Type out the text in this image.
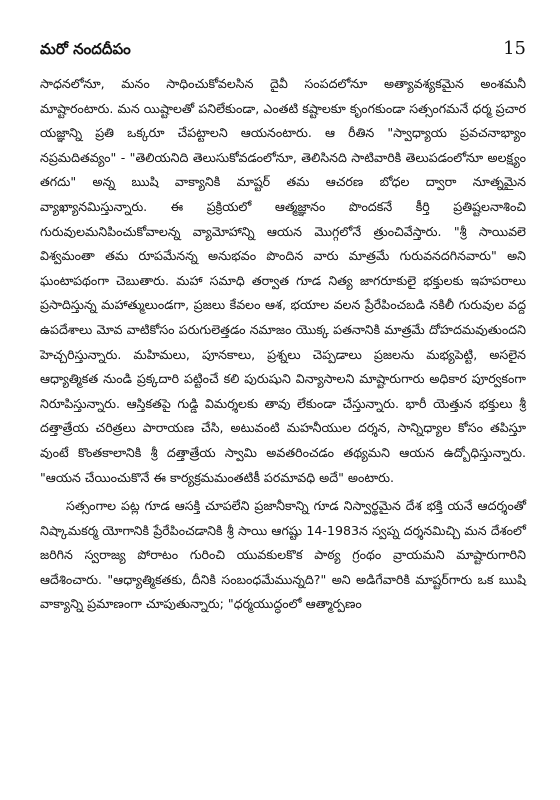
మరో నందదీపం	15

సాధనలోనూ, మనం సాధించుకోవలసిన దైవీ సంపదలోనూ అత్యావశ్యకమైన అంశమనీ మాష్టారంటారు. మన యిష్టాలతో పనిలేకుండా, ఎంతటి కష్టాలకూ కృంగకుండా సత్సంగమనే ధర్మ ప్రచార యజ్ఞాన్ని ప్రతి ఒక్కరూ చేపట్టాలని ఆయనంటారు. ఆ రీతిన "స్వాధ్యాయ ప్రవచనాభ్యాం నప్రమదితవ్యం" - "తెలియనిది తెలుసుకోవడంలోనూ, తెలిసినది సాటివారికి తెలుపడంలోనూ అలక్ష్యం తగదు" అన్న ఋషి వాక్యానికి మాష్టర్ తమ ఆచరణ బోధల ద్వారా నూత్నమైన వ్యాఖ్యానమిస్తున్నారు. ఈ ప్రక్రియలో ఆత్మజ్ఞానం పొందకనే కీర్తి ప్రతిష్టలనాశించి గురువులమనిపించుకోవాలన్న వ్యామోహాన్ని ఆయన మొగ్గలోనే త్రుంచివేస్తారు. "శ్రీ సాయివలె విశ్వమంతా తమ రూపమేనన్న అనుభవం పొందిన వారు మాత్రమే గురువనదగినవారు" అని ఘంటాపథంగా చెబుతారు. మహా సమాధి తర్వాత గూడ నిత్య జాగరూకులై భక్తులకు ఇహపరాలు ప్రసాదిస్తున్న మహాత్ములుండగా, ప్రజలు కేవలం ఆశ, భయాల వలన ప్రేరేపించబడి నకిలీ గురువుల వద్ద ఉపదేశాలు మోవ వాటికోసం పరుగులెత్తడం నమాజం యొక్క పతనానికి మాత్రమే దోహదమవుతుందని హెచ్చరిస్తున్నారు. మహిమలు, పూనకాలు, ప్రశ్నలు చెప్పడాలు ప్రజలను మభ్యపెట్టి, అసలైన ఆధ్యాత్మికత నుండి ప్రక్కదారి పట్టించే కలి పురుషుని విన్యాసాలని మాష్టారుగారు అధికార పూర్వకంగా నిరూపిస్తున్నారు. ఆస్తికతపై గుడ్డి విమర్శలకు తావు లేకుండా చేస్తున్నారు. భారీ యెత్తున భక్తులు శ్రీ దత్తాత్రేయ చరిత్రలు పారాయణ చేసి, అటువంటి మహనీయుల దర్శన, సాన్నిధ్యాల కోసం తపిస్తూ వుంటే కొంతకాలానికి శ్రీ దత్తాత్రేయ స్వామి అవతరించడం తథ్యమని ఆయన ఉద్బోధిస్తున్నారు. "ఆయన చేయించుకొనే ఈ కార్యక్రమమంతటికీ పరమావధి అదే" అంటారు.

సత్సంగాల పట్ల గూడ ఆసక్తి చూపలేని ప్రజానీకాన్ని గూడ నిస్వార్థమైన దేశ భక్తి యనే ఆదర్శంతో నిష్కామకర్మ యోగానికి ప్రేరేపించడానికి శ్రీ సాయి ఆగష్టు 14-1983న స్వప్న దర్శనమిచ్చి మన దేశంలో జరిగిన స్వరాజ్య పోరాటం గురించి యువకులకొక పాఠ్య గ్రంథం వ్రాయమని మాష్టారుగారిని ఆదేశించారు. "ఆధ్యాత్మికతకు, దీనికి సంబంధమేమున్నది?" అని అడిగేవారికి మాష్టర్‌గారు ఒక ఋషి వాక్యాన్ని ప్రమాణంగా చూపుతున్నారు; "ధర్మయుద్ధంలో ఆత్మార్పణం
